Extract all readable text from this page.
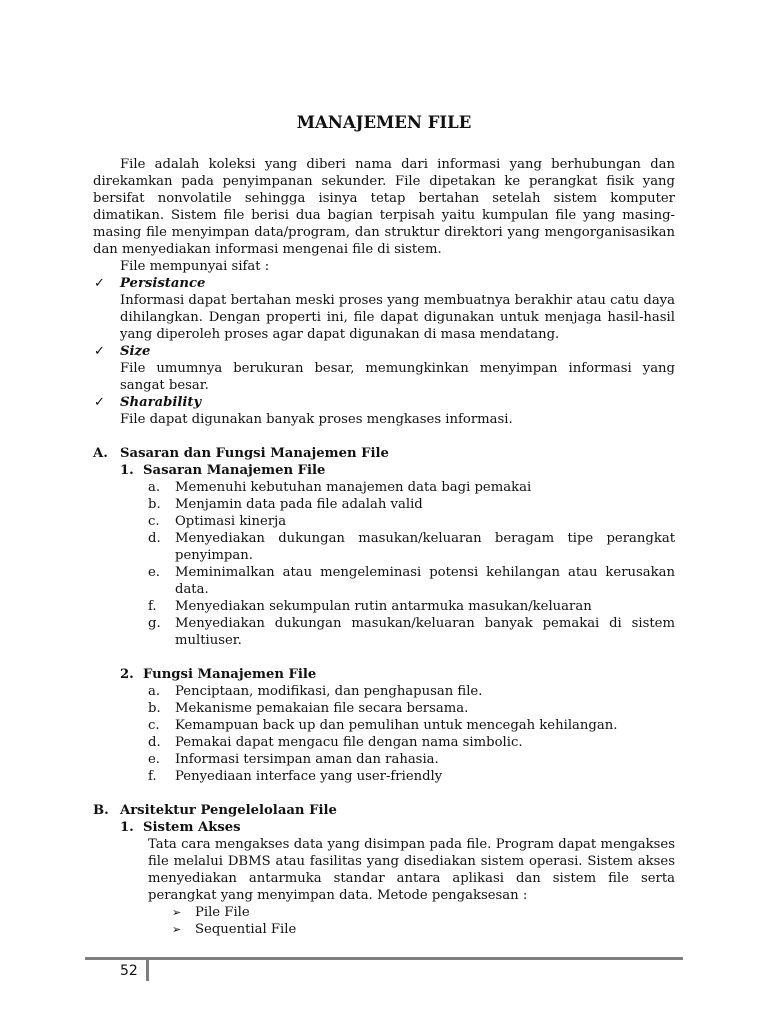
MANAJEMEN FILE

File adalah koleksi yang diberi nama dari informasi yang berhubungan dan direkamkan pada penyimpanan sekunder. File dipetakan ke perangkat fisik yang bersifat nonvolatile sehingga isinya tetap bertahan setelah sistem komputer dimatikan. Sistem file berisi dua bagian terpisah yaitu kumpulan file yang masing-masing file menyimpan data/program, dan struktur direktori yang mengorganisasikan dan menyediakan informasi mengenai file di sistem.

File mempunyai sifat :

✓ Persistance

Informasi dapat bertahan meski proses yang membuatnya berakhir atau catu daya dihilangkan. Dengan properti ini, file dapat digunakan untuk menjaga hasil-hasil yang diperoleh proses agar dapat digunakan di masa mendatang.

✓ Size

File umumnya berukuran besar, memungkinkan menyimpan informasi yang sangat besar.

✓ Sharability

File dapat digunakan banyak proses mengkases informasi.

A. Sasaran dan Fungsi Manajemen File
1. Sasaran Manajemen File
a. Memenuhi kebutuhan manajemen data bagi pemakai
b. Menjamin data pada file adalah valid
c. Optimasi kinerja
d. Menyediakan dukungan masukan/keluaran beragam tipe perangkat penyimpan.
e. Meminimalkan atau mengeleminasi potensi kehilangan atau kerusakan data.
f. Menyediakan sekumpulan rutin antarmuka masukan/keluaran
g. Menyediakan dukungan masukan/keluaran banyak pemakai di sistem multiuser.
2. Fungsi Manajemen File
a. Penciptaan, modifikasi, dan penghapusan file.
b. Mekanisme pemakaian file secara bersama.
c. Kemampuan back up dan pemulihan untuk mencegah kehilangan.
d. Pemakai dapat mengacu file dengan nama simbolic.
e. Informasi tersimpan aman dan rahasia.
f. Penyediaan interface yang user-friendly
B. Arsitektur Pengelelolaan File
1. Sistem Akses

Tata cara mengakses data yang disimpan pada file. Program dapat mengakses file melalui DBMS atau fasilitas yang disediakan sistem operasi. Sistem akses menyediakan antarmuka standar antara aplikasi dan sistem file serta perangkat yang menyimpan data. Metode pengaksesan :

➢ Pile File
➢ Sequential File
52
